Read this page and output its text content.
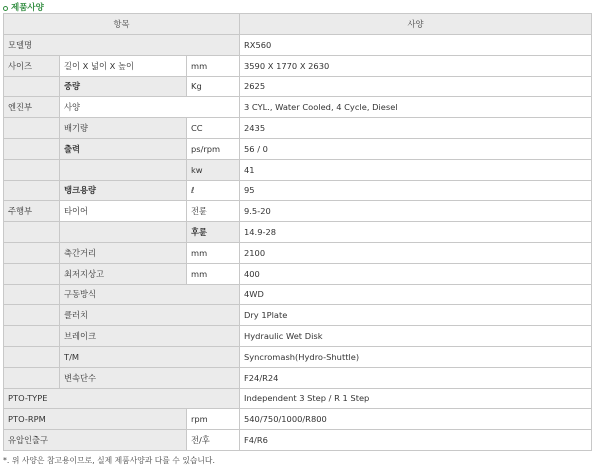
제품사양
항목			사양
모델명			RX560
사이즈	길이 X 넓이 X 높이	mm	3590 X 1770 X 2630
	중량	Kg	2625
엔진부	사양		3 CYL., Water Cooled, 4 Cycle, Diesel
	배기량	CC	2435
	출력	ps/rpm	56 / 0
		kw	41
	탱크용량	ℓ	95
주행부	타이어	전륜	9.5-20
		후륜	14.9-28
	축간거리	mm	2100
	최저지상고	mm	400
	구동방식		4WD
	클러치		Dry 1Plate
	브레이크		Hydraulic Wet Disk
	T/M		Syncromash(Hydro-Shuttle)
	변속단수		F24/R24
PTO-TYPE			Independent 3 Step / R 1 Step
PTO-RPM		rpm	540/750/1000/R800
유압인출구		전/후	F4/R6
*. 위 사양은 참고용이므로, 실제 제품사양과 다를 수 있습니다.
